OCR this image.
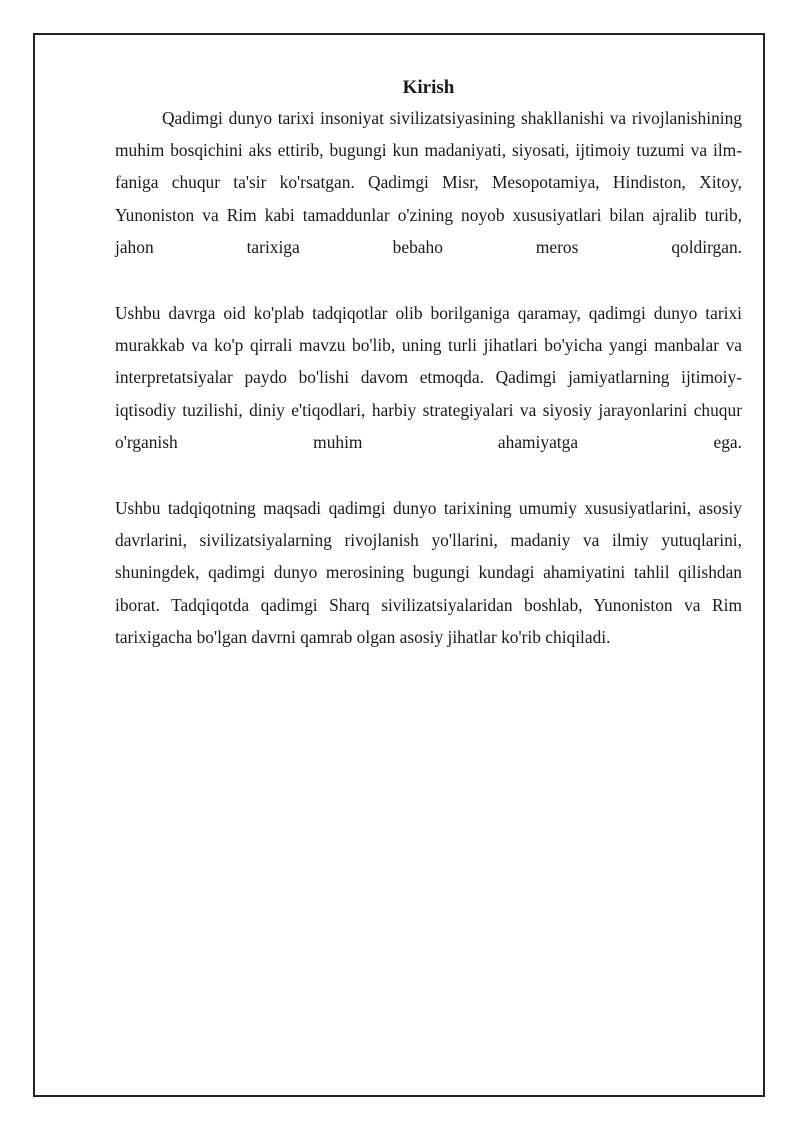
Kirish

Qadimgi dunyo tarixi insoniyat sivilizatsiyasining shakllanishi va rivojlanishining muhim bosqichini aks ettirib, bugungi kun madaniyati, siyosati, ijtimoiy tuzumi va ilm-faniga chuqur ta'sir ko'rsatgan. Qadimgi Misr, Mesopotamiya, Hindiston, Xitoy, Yunoniston va Rim kabi tamaddunlar o'zining noyob xususiyatlari bilan ajralib turib, jahon tarixiga bebaho meros qoldirgan.

Ushbu davrga oid ko'plab tadqiqotlar olib borilganiga qaramay, qadimgi dunyo tarixi murakkab va ko'p qirrali mavzu bo'lib, uning turli jihatlari bo'yicha yangi manbalar va interpretatsiyalar paydo bo'lishi davom etmoqda. Qadimgi jamiyatlarning ijtimoiy-iqtisodiy tuzilishi, diniy e'tiqodlari, harbiy strategiyalari va siyosiy jarayonlarini chuqur o'rganish muhim ahamiyatga ega.

Ushbu tadqiqotning maqsadi qadimgi dunyo tarixining umumiy xususiyatlarini, asosiy davrlarini, sivilizatsiyalarning rivojlanish yo'llarini, madaniy va ilmiy yutuqlarini, shuningdek, qadimgi dunyo merosining bugungi kundagi ahamiyatini tahlil qilishdan iborat. Tadqiqotda qadimgi Sharq sivilizatsiyalaridan boshlab, Yunoniston va Rim tarixigacha bo'lgan davrni qamrab olgan asosiy jihatlar ko'rib chiqiladi.
